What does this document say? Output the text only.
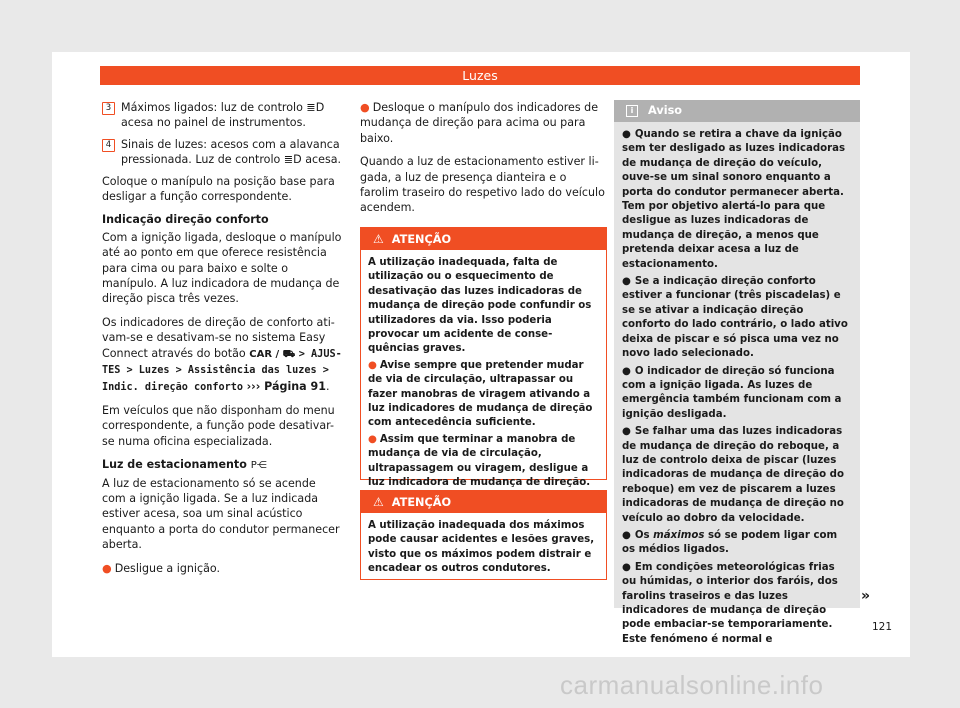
Luzes
3 Máximos ligados: luz de controlo ≣D acesa no painel de instrumentos.
4 Sinais de luzes: acesos com a alavanca pressionada. Luz de controlo ≣D acesa.

Coloque o manípulo na posição base para desligar a função correspondente.

Indicação direção conforto

Com a ignição ligada, desloque o manípulo até ao ponto em que oferece resistência para cima ou para baixo e solte o manípulo. A luz indicadora de mudança de direção pisca três vezes.

Os indicadores de direção de conforto ativam-se e desativam-se no sistema Easy Connect através do botão CAR / ⛟ > AJUSTES > Luzes > Assistência das luzes > Indic. direção conforto ››› Página 91.

Em veículos que não disponham do menu correspondente, a função pode desativar-se numa oficina especializada.

Luz de estacionamento P⋲

A luz de estacionamento só se acende com a ignição ligada. Se a luz indicada estiver acesa, soa um sinal acústico enquanto a porta do condutor permanecer aberta.

● Desligue a ignição.

● Desloque o manípulo dos indicadores de mudança de direção para acima ou para baixo.

Quando a luz de estacionamento estiver ligada, a luz de presença dianteira e o farolim traseiro do respetivo lado do veículo acendem.

⚠ ATENÇÃO

A utilização inadequada, falta de utilização ou o esquecimento de desativação das luzes indicadoras de mudança de direção pode confundir os utilizadores da via. Isso poderia provocar um acidente de consequências graves.

● Avise sempre que pretender mudar de via de circulação, ultrapassar ou fazer manobras de viragem ativando a luz indicadores de mudança de direção com antecedência suficiente.

● Assim que terminar a manobra de mudança de via de circulação, ultrapassagem ou viragem, desligue a luz indicadora de mudança de direção.

⚠ ATENÇÃO

A utilização inadequada dos máximos pode causar acidentes e lesões graves, visto que os máximos podem distrair e encadear os outros condutores.

i Aviso

● Quando se retira a chave da ignição sem ter desligado as luzes indicadoras de mudança de direção do veículo, ouve-se um sinal sonoro enquanto a porta do condutor permanecer aberta. Tem por objetivo alertá-lo para que desligue as luzes indicadoras de mudança de direção, a menos que pretenda deixar acesa a luz de estacionamento.

● Se a indicação direção conforto estiver a funcionar (três piscadelas) e se se ativar a indicação direção conforto do lado contrário, o lado ativo deixa de piscar e só pisca uma vez no novo lado selecionado.

● O indicador de direção só funciona com a ignição ligada. As luzes de emergência também funcionam com a ignição desligada.

● Se falhar uma das luzes indicadoras de mudança de direção do reboque, a luz de controlo deixa de piscar (luzes indicadoras de mudança de direção do reboque) em vez de piscarem a luzes indicadoras de mudança de direção no veículo ao dobro da velocidade.

● Os máximos só se podem ligar com os médios ligados.

● Em condições meteorológicas frias ou húmidas, o interior dos faróis, dos farolins traseiros e das luzes indicadores de mudança de direção pode embaciar-se temporariamente. Este fenómeno é normal e

»
121
carmanualsonline.info
